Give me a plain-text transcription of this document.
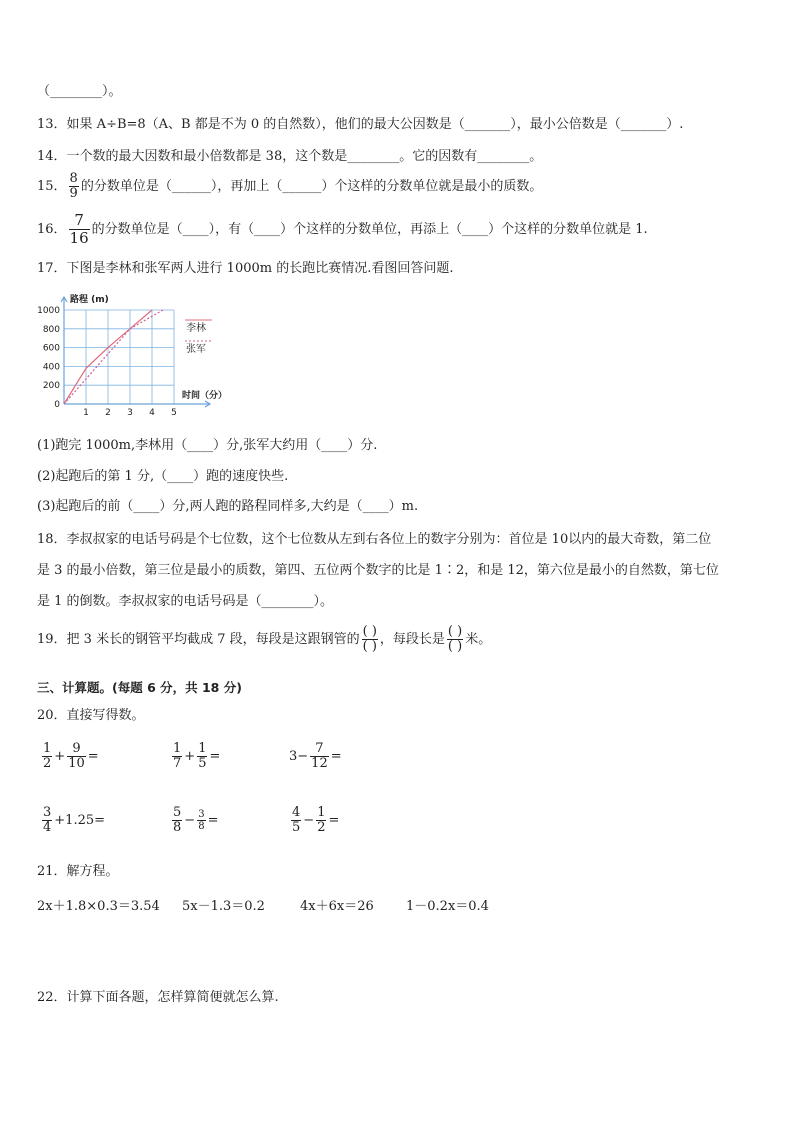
（________）。
13．如果 A÷B=8（A、B 都是不为 0 的自然数），他们的最大公因数是（_______），最小公倍数是（_______）.
14．一个数的最大因数和最小倍数都是 38，这个数是________。它的因数有________。
15． $\frac{8}{9}$ 的分数单位是（______），再加上（______）个这样的分数单位就是最小的质数。
16． $\frac{7}{16}$ 的分数单位是（____），有（____）个这样的分数单位，再添上（____）个这样的分数单位就是 1.
17．下图是李林和张军两人进行 1000m 的长跑比赛情况.看图回答问题.
0
200
400
600
800
1000
1 2 3 4 5
路程 (m)
时间（分）
李林
张军
(1)跑完 1000m,李林用（____）分,张军大约用（____）分.
(2)起跑后的第 1 分,（____）跑的速度快些.
(3)起跑后的前（____）分,两人跑的路程同样多,大约是（____）m.
18．李叔叔家的电话号码是个七位数，这个七位数从左到右各位上的数字分别为：首位是 10以内的最大奇数，第二位
是 3 的最小倍数，第三位是最小的质数，第四、五位两个数字的比是 1∶2，和是 12，第六位是最小的自然数，第七位
是 1 的倒数。李叔叔家的电话号码是（________）。
19．把 3 米长的钢管平均截成 7 段，每段是这跟钢管的 $\frac{( )}{( )}$ ，每段长是 $\frac{( )}{( )}$ 米。
三、计算题。(每题 6 分，共 18 分)
20．直接写得数。
$\frac{1}{2} + \frac{9}{10}$ =	$\frac{1}{7} + \frac{1}{5}$ =	$3- \frac{7}{12}$ =
$\frac{3}{4} +1.25=$	$\frac{5}{8} - \frac{3}{8}$ =	$\frac{4}{5} - \frac{1}{2}$ =
21．解方程。
2x＋1.8×0.3＝3.54 5x－1.3＝0.2	4x＋6x＝26 1－0.2x＝0.4
22．计算下面各题，怎样算简便就怎么算.
